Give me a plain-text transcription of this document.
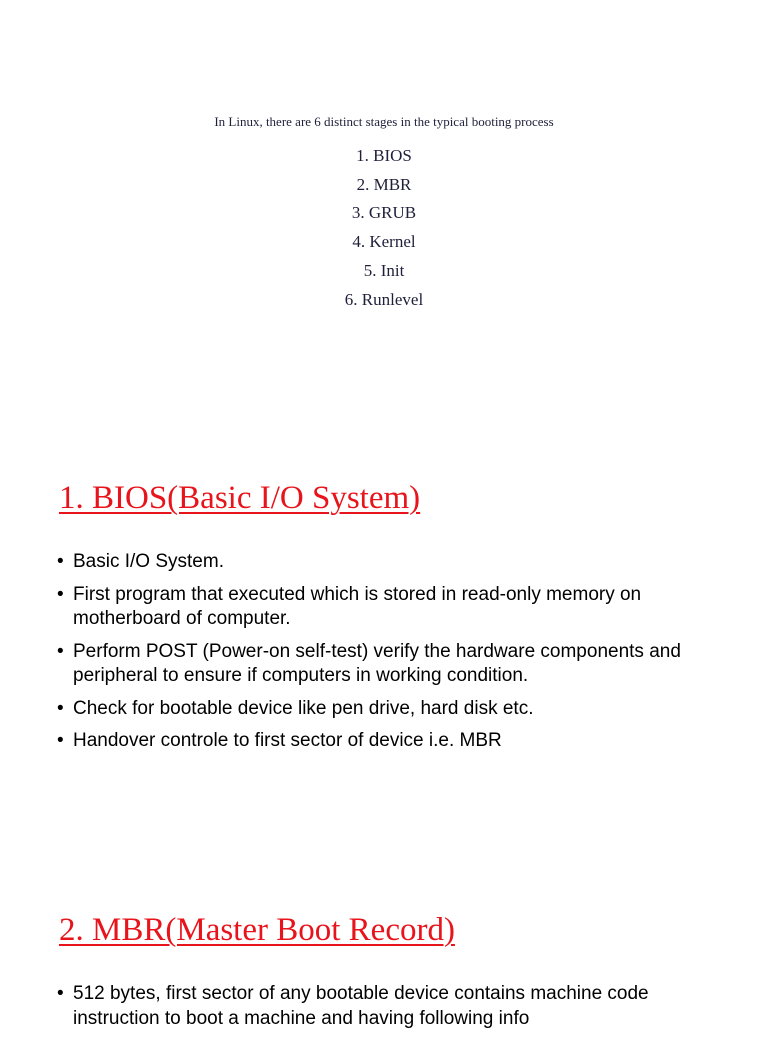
In Linux, there are 6 distinct stages in the typical booting process
1. BIOS
2. MBR
3. GRUB
4. Kernel
5. Init
6. Runlevel
1. BIOS(Basic I/O System)
• Basic I/O System.
• First program that executed which is stored in read-only memory on motherboard of computer.
• Perform POST (Power-on self-test) verify the hardware components and peripheral to ensure if computers in working condition.
• Check for bootable device like pen drive, hard disk etc.
• Handover controle to first sector of device i.e. MBR
2. MBR(Master Boot Record)
• 512 bytes, first sector of any bootable device contains machine code instruction to boot a machine and having following info
